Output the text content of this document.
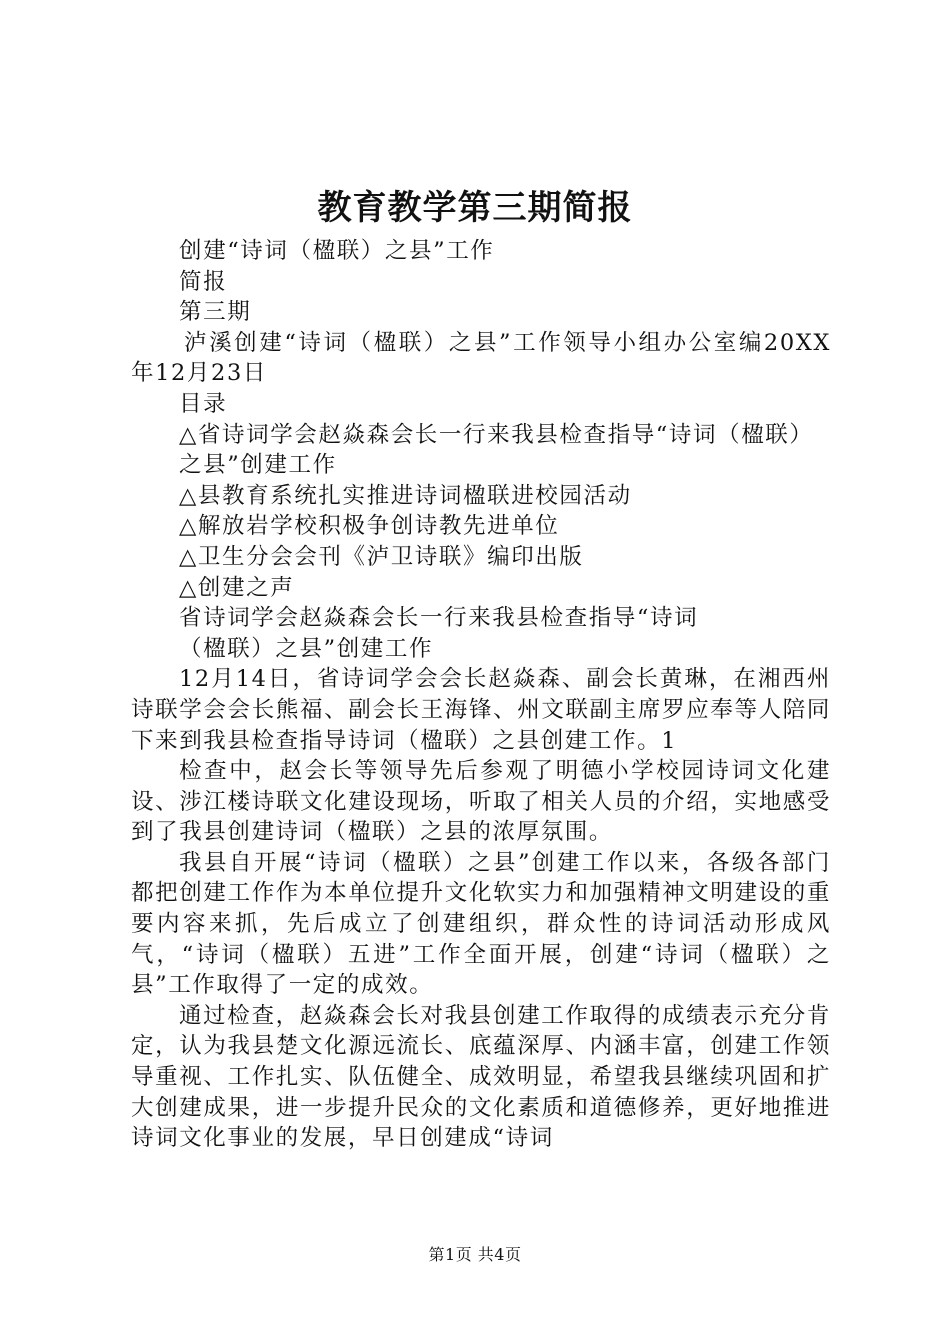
教育教学第三期简报

创建“诗词（楹联）之县”工作

简报

第三期

泸溪创建“诗词（楹联）之县”工作领导小组办公室编20XX年12月23日

目录

△省诗词学会赵焱森会长一行来我县检查指导“诗词（楹联）

之县”创建工作

△县教育系统扎实推进诗词楹联进校园活动

△解放岩学校积极争创诗教先进单位

△卫生分会会刊《泸卫诗联》编印出版

△创建之声

省诗词学会赵焱森会长一行来我县检查指导“诗词

（楹联）之县”创建工作

12月14日，省诗词学会会长赵焱森、副会长黄琳，在湘西州诗联学会会长熊福、副会长王海锋、州文联副主席罗应奉等人陪同下来到我县检查指导诗词（楹联）之县创建工作。1

检查中，赵会长等领导先后参观了明德小学校园诗词文化建设、涉江楼诗联文化建设现场，听取了相关人员的介绍，实地感受到了我县创建诗词（楹联）之县的浓厚氛围。

我县自开展“诗词（楹联）之县”创建工作以来，各级各部门都把创建工作作为本单位提升文化软实力和加强精神文明建设的重要内容来抓，先后成立了创建组织，群众性的诗词活动形成风气，“诗词（楹联）五进”工作全面开展，创建“诗词（楹联）之县”工作取得了一定的成效。

通过检查，赵焱森会长对我县创建工作取得的成绩表示充分肯定，认为我县楚文化源远流长、底蕴深厚、内涵丰富，创建工作领导重视、工作扎实、队伍健全、成效明显，希望我县继续巩固和扩大创建成果，进一步提升民众的文化素质和道德修养，更好地推进诗词文化事业的发展，早日创建成“诗词

第1页 共4页
